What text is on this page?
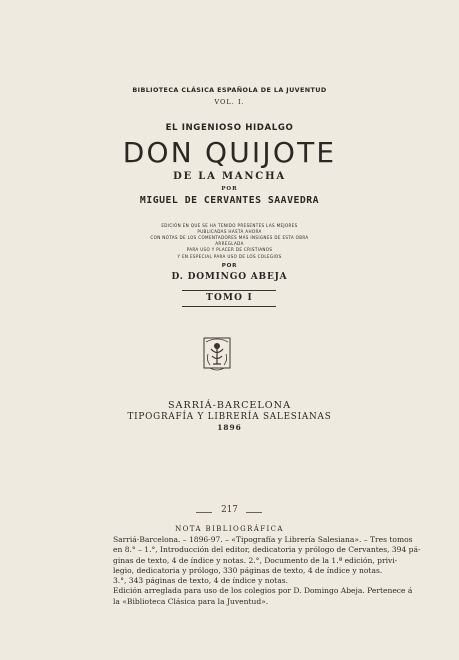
BIBLIOTECA CLÁSICA ESPAÑOLA DE LA JUVENTUD
VOL. I.
EL INGENIOSO HIDALGO
DON QUIJOTE
DE LA MANCHA
POR
MIGUEL DE CERVANTES SAAVEDRA
EDICIÓN EN QUE SE HA TENIDO PRESENTES LAS MEJORES
PUBLICADAS HASTA AHORA
CON NOTAS DE LOS COMENTADORES MÁS INSIGNES DE ESTA OBRA
ARREGLADA
PARA USO Y PLACER DE CRISTIANOS
Y EN ESPECIAL PARA USO DE LOS COLEGIOS
POR
D. DOMINGO ABEJA
TOMO I
SARRIÁ-BARCELONA
TIPOGRAFÍA Y LIBRERÍA SALESIANAS
1896
217
NOTA BIBLIOGRÁFICA
Sarriá-Barcelona. – 1896-97. – «Tipografía y Librería Salesiana». – Tres tomos
en 8.° – 1.°, Introducción del editor, dedicatoria y prólogo de Cervantes, 394 pá-
ginas de texto, 4 de índice y notas. 2.°, Documento de la 1.ª edición, privi-
legio, dedicatoria y prólogo, 330 páginas de texto, 4 de índice y notas.
3.°, 343 páginas de texto, 4 de índice y notas.
Edición arreglada para uso de los colegios por D. Domingo Abeja. Pertenece á
la «Biblioteca Clásica para la Juventud».
